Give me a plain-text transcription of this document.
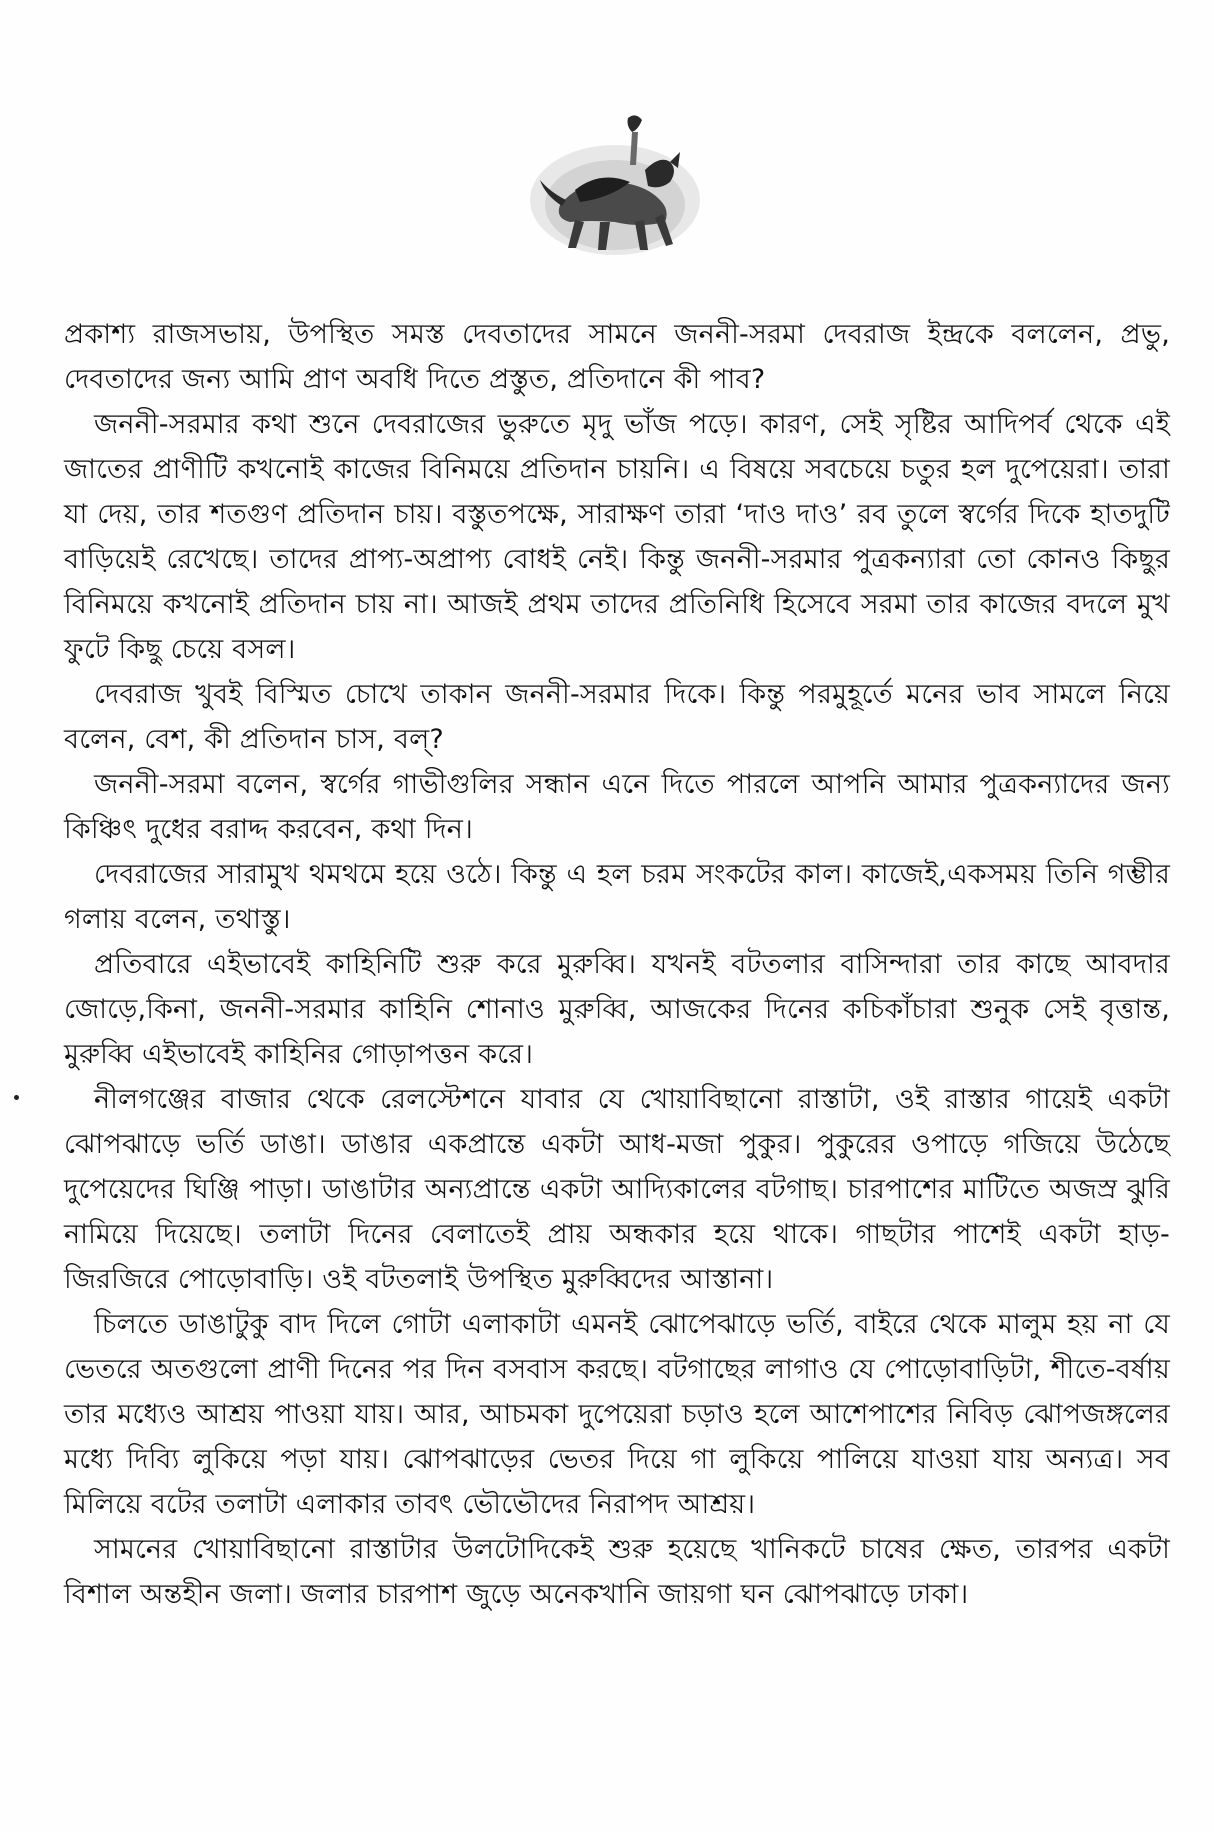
প্রকাশ্য রাজসভায়, উপস্থিত সমস্ত দেবতাদের সামনে জননী-সরমা দেবরাজ ইন্দ্রকে বললেন, প্রভু, দেবতাদের জন্য আমি প্রাণ অবধি দিতে প্রস্তুত, প্রতিদানে কী পাব?

জননী-সরমার কথা শুনে দেবরাজের ভুরুতে মৃদু ভাঁজ পড়ে। কারণ, সেই সৃষ্টির আদিপর্ব থেকে এই জাতের প্রাণীটি কখনোই কাজের বিনিময়ে প্রতিদান চায়নি। এ বিষয়ে সবচেয়ে চতুর হল দুপেয়েরা। তারা যা দেয়, তার শতগুণ প্রতিদান চায়। বস্তুতপক্ষে, সারাক্ষণ তারা ‘দাও দাও’ রব তুলে স্বর্গের দিকে হাতদুটি বাড়িয়েই রেখেছে। তাদের প্রাপ্য-অপ্রাপ্য বোধই নেই। কিন্তু জননী-সরমার পুত্রকন্যারা তো কোনও কিছুর বিনিময়ে কখনোই প্রতিদান চায় না। আজই প্রথম তাদের প্রতিনিধি হিসেবে সরমা তার কাজের বদলে মুখ ফুটে কিছু চেয়ে বসল।

দেবরাজ খুবই বিস্মিত চোখে তাকান জননী-সরমার দিকে। কিন্তু পরমুহূর্তে মনের ভাব সামলে নিয়ে বলেন, বেশ, কী প্রতিদান চাস, বল্?

জননী-সরমা বলেন, স্বর্গের গাভীগুলির সন্ধান এনে দিতে পারলে আপনি আমার পুত্রকন্যাদের জন্য কিঞ্চিৎ দুধের বরাদ্দ করবেন, কথা দিন।

দেবরাজের সারামুখ থমথমে হয়ে ওঠে। কিন্তু এ হল চরম সংকটের কাল। কাজেই,একসময় তিনি গম্ভীর গলায় বলেন, তথাস্তু।

প্রতিবারে এইভাবেই কাহিনিটি শুরু করে মুরুব্বি। যখনই বটতলার বাসিন্দারা তার কাছে আবদার জোড়ে,কিনা, জননী-সরমার কাহিনি শোনাও মুরুব্বি, আজকের দিনের কচিকাঁচারা শুনুক সেই বৃত্তান্ত, মুরুব্বি এইভাবেই কাহিনির গোড়াপত্তন করে।

নীলগঞ্জের বাজার থেকে রেলস্টেশনে যাবার যে খোয়াবিছানো রাস্তাটা, ওই রাস্তার গায়েই একটা ঝোপঝাড়ে ভর্তি ডাঙা। ডাঙার একপ্রান্তে একটা আধ-মজা পুকুর। পুকুরের ওপাড়ে গজিয়ে উঠেছে দুপেয়েদের ঘিঞ্জি পাড়া। ডাঙাটার অন্যপ্রান্তে একটা আদ্যিকালের বটগাছ। চারপাশের মাটিতে অজস্র ঝুরি নামিয়ে দিয়েছে। তলাটা দিনের বেলাতেই প্রায় অন্ধকার হয়ে থাকে। গাছটার পাশেই একটা হাড়-জিরজিরে পোড়োবাড়ি। ওই বটতলাই উপস্থিত মুরুব্বিদের আস্তানা।

চিলতে ডাঙাটুকু বাদ দিলে গোটা এলাকাটা এমনই ঝোপেঝাড়ে ভর্তি, বাইরে থেকে মালুম হয় না যে ভেতরে অতগুলো প্রাণী দিনের পর দিন বসবাস করছে। বটগাছের লাগাও যে পোড়োবাড়িটা, শীতে-বর্ষায় তার মধ্যেও আশ্রয় পাওয়া যায়। আর, আচমকা দুপেয়েরা চড়াও হলে আশেপাশের নিবিড় ঝোপজঙ্গলের মধ্যে দিব্যি লুকিয়ে পড়া যায়। ঝোপঝাড়ের ভেতর দিয়ে গা লুকিয়ে পালিয়ে যাওয়া যায় অন্যত্র। সব মিলিয়ে বটের তলাটা এলাকার তাবৎ ভৌভৌদের নিরাপদ আশ্রয়।

সামনের খোয়াবিছানো রাস্তাটার উলটোদিকেই শুরু হয়েছে খানিকটে চাষের ক্ষেত, তারপর একটা বিশাল অন্তহীন জলা। জলার চারপাশ জুড়ে অনেকখানি জায়গা ঘন ঝোপঝাড়ে ঢাকা।
